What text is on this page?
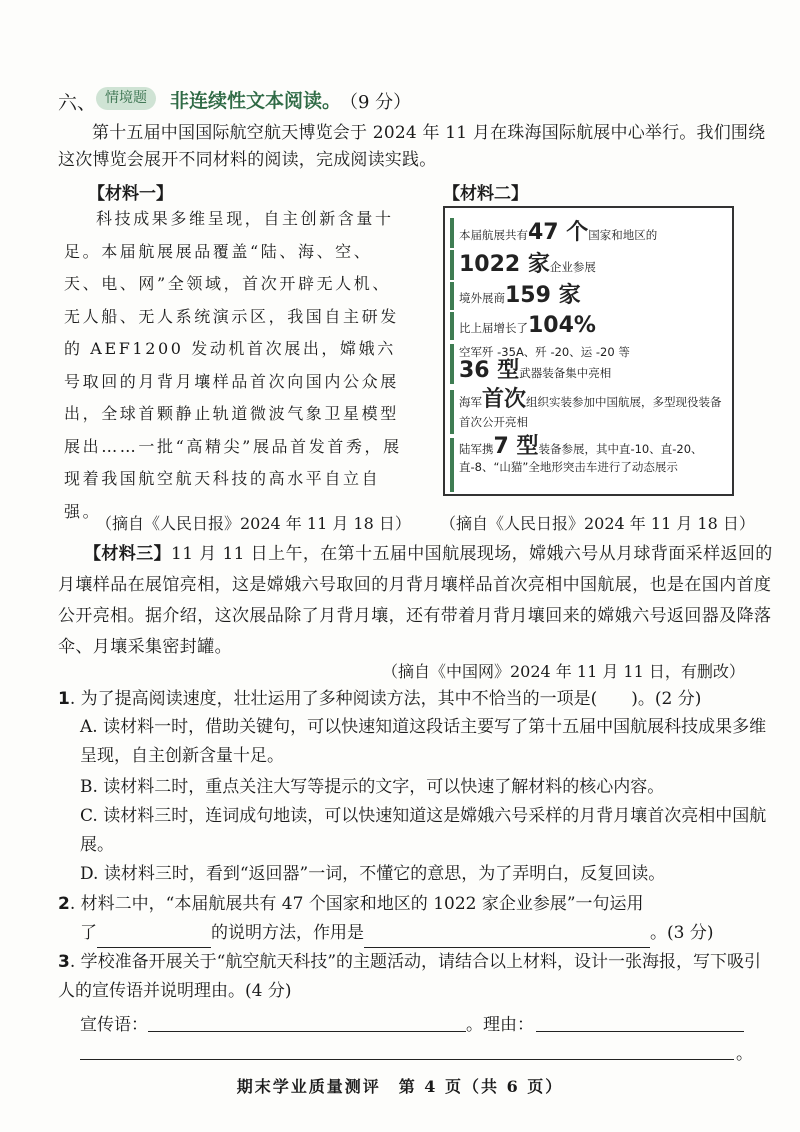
六、 情境题	非连续性文本阅读。
（9 分）
第十五届中国国际航空航天博览会于 2024 年 11 月在珠海国际航展中心举行。我们围绕这次博览会展开不同材料的阅读，完成阅读实践。
【材料一】
科技成果多维呈现，自主创新含量十足。本届航展展品覆盖“陆、海、空、天、电、网”全领域，首次开辟无人机、无人船、无人系统演示区，我国自主研发的 AEF1200 发动机首次展出，嫦娥六号取回的月背月壤样品首次向国内公众展出，全球首颗静止轨道微波气象卫星模型展出……一批“高精尖”展品首发首秀，展现着我国航空航天科技的高水平自立自强。
（摘自《人民日报》2024 年 11 月 18 日）
【材料二】
本届航展共有47 个国家和地区的
1022 家企业参展
境外展商159 家
比上届增长了104%
空军歼 -35A、歼 -20、运 -20 等
36 型武器装备集中亮相
海军首次组织实装参加中国航展，多型现役装备首次公开亮相
陆军携7 型装备参展，其中直-10、直-20、直-8、“山猫”全地形突击车进行了动态展示
（摘自《人民日报》2024 年 11 月 18 日）
【材料三】11 月 11 日上午，在第十五届中国航展现场，嫦娥六号从月球背面采样返回的月壤样品在展馆亮相，这是嫦娥六号取回的月背月壤样品首次亮相中国航展，也是在国内首度公开亮相。据介绍，这次展品除了月背月壤，还有带着月背月壤回来的嫦娥六号返回器及降落伞、月壤采集密封罐。
（摘自《中国网》2024 年 11 月 11 日，有删改）
1. 为了提高阅读速度，壮壮运用了多种阅读方法，其中不恰当的一项是(　　)。(2 分)
A. 读材料一时，借助关键句，可以快速知道这段话主要写了第十五届中国航展科技成果多维呈现，自主创新含量十足。
B. 读材料二时，重点关注大写等提示的文字，可以快速了解材料的核心内容。
C. 读材料三时，连词成句地读，可以快速知道这是嫦娥六号采样的月背月壤首次亮相中国航展。
D. 读材料三时，看到“返回器”一词，不懂它的意思，为了弄明白，反复回读。
2. 材料二中，“本届航展共有 47 个国家和地区的 1022 家企业参展”一句运用
了	的说明方法，作用是	。(3 分)
3. 学校准备开展关于“航空航天科技”的主题活动，请结合以上材料，设计一张海报，写下吸引人的宣传语并说明理由。(4 分)
宣传语：	。理由：
。
期末学业质量测评　第 4 页（共 6 页）
